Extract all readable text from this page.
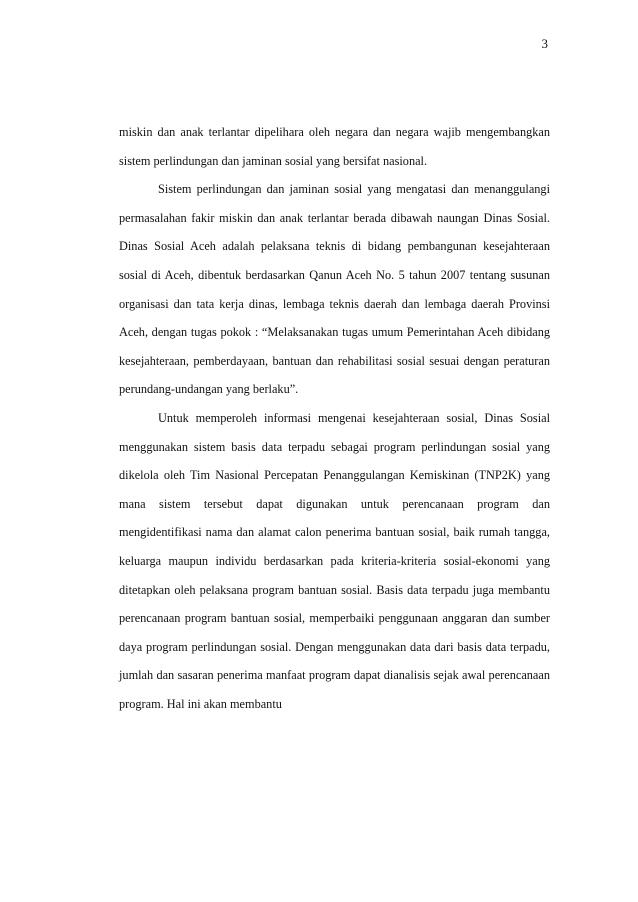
3

miskin dan anak terlantar dipelihara oleh negara dan negara wajib mengembangkan sistem perlindungan dan jaminan sosial yang bersifat nasional.

Sistem perlindungan dan jaminan sosial yang mengatasi dan menanggulangi permasalahan fakir miskin dan anak terlantar berada dibawah naungan Dinas Sosial. Dinas Sosial Aceh adalah pelaksana teknis di bidang pembangunan kesejahteraan sosial di Aceh, dibentuk berdasarkan Qanun Aceh No. 5 tahun 2007 tentang susunan organisasi dan tata kerja dinas, lembaga teknis daerah dan lembaga daerah Provinsi Aceh, dengan tugas pokok : “Melaksanakan tugas umum Pemerintahan Aceh dibidang kesejahteraan, pemberdayaan, bantuan dan rehabilitasi sosial sesuai dengan peraturan perundang-undangan yang berlaku”.

Untuk memperoleh informasi mengenai kesejahteraan sosial, Dinas Sosial menggunakan sistem basis data terpadu sebagai program perlindungan sosial yang dikelola oleh Tim Nasional Percepatan Penanggulangan Kemiskinan (TNP2K) yang mana sistem tersebut dapat digunakan untuk perencanaan program dan mengidentifikasi nama dan alamat calon penerima bantuan sosial, baik rumah tangga, keluarga maupun individu berdasarkan pada kriteria-kriteria sosial-ekonomi yang ditetapkan oleh pelaksana program bantuan sosial. Basis data terpadu juga membantu perencanaan program bantuan sosial, memperbaiki penggunaan anggaran dan sumber daya program perlindungan sosial. Dengan menggunakan data dari basis data terpadu, jumlah dan sasaran penerima manfaat program dapat dianalisis sejak awal perencanaan program. Hal ini akan membantu
